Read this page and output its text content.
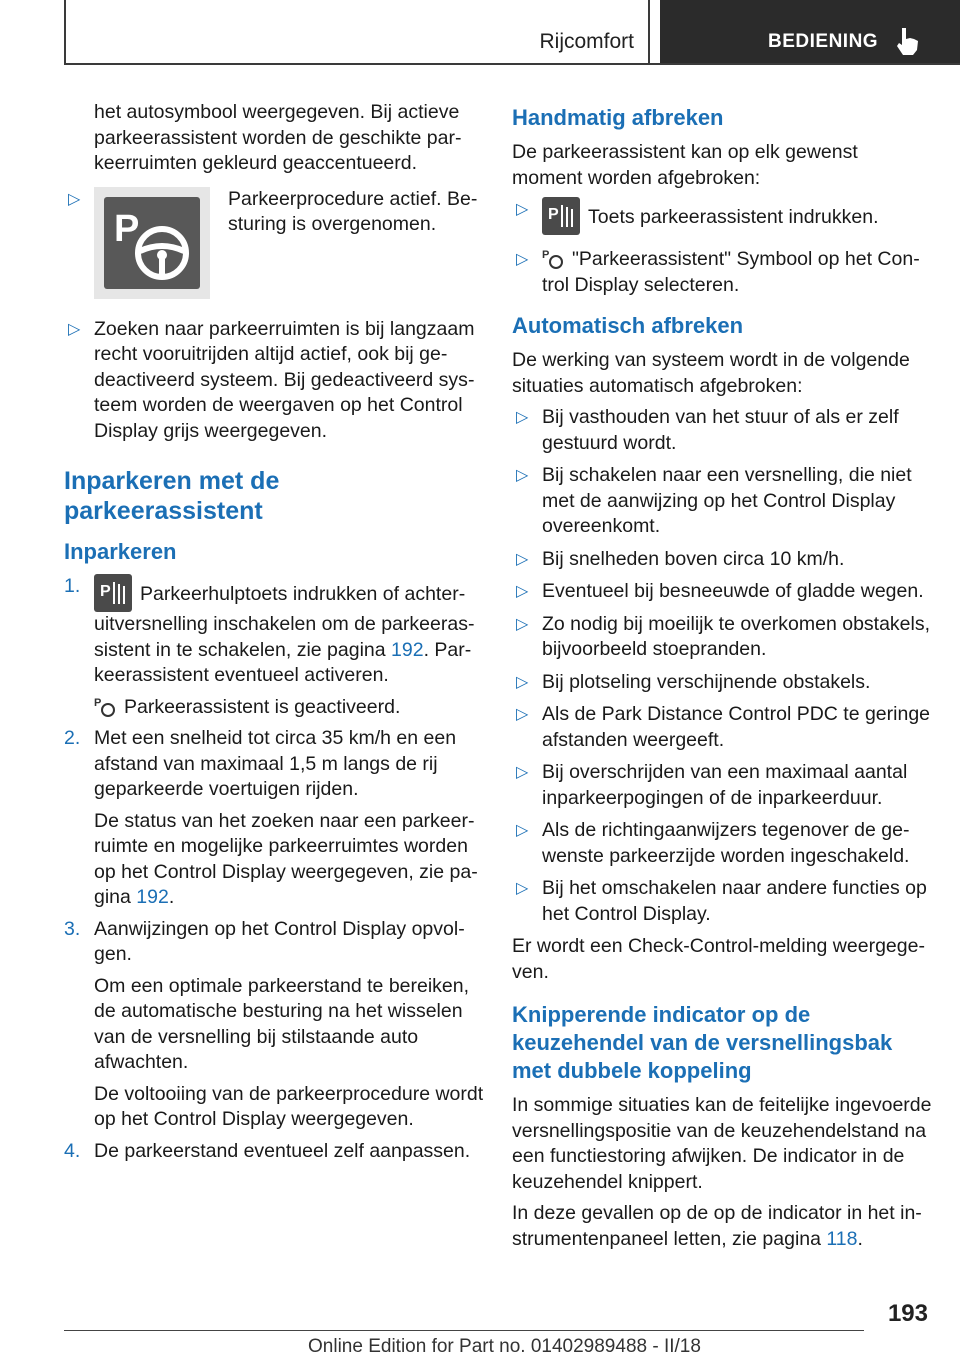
Rijcomfort	BEDIENING

het autosymbool weergegeven. Bij actieve parkeerassistent worden de geschikte parkeerruimten gekleurd geaccentueerd.

▷
P
Parkeerprocedure actief. Besturing is overgenomen.
▷ Zoeken naar parkeerruimten is bij langzaam recht vooruitrijden altijd actief, ook bij gedeactiveerd systeem. Bij gedeactiveerd systeem worden de weergaven op het Control Display grijs weergegeven.
Inparkeren met de parkeerassistent
Inparkeren
1. P Parkeerhulptoets indrukken of achteruitversnelling inschakelen om de parkeerassistent in te schakelen, zie pagina 192. Parkeerassistent eventueel activeren.

P Parkeerassistent is geactiveerd.

2. Met een snelheid tot circa 35 km/h en een afstand van maximaal 1,5 m langs de rij geparkeerde voertuigen rijden.

De status van het zoeken naar een parkeerruimte en mogelijke parkeerruimtes worden op het Control Display weergegeven, zie pagina 192.

3. Aanwijzingen op het Control Display opvolgen.

Om een optimale parkeerstand te bereiken, de automatische besturing na het wisselen van de versnelling bij stilstaande auto afwachten.

De voltooiing van de parkeerprocedure wordt op het Control Display weergegeven.

4. De parkeerstand eventueel zelf aanpassen.

Handmatig afbreken

De parkeerassistent kan op elk gewenst moment worden afgebroken:

▷ P Toets parkeerassistent indrukken.
▷ P "Parkeerassistent" Symbool op het Control Display selecteren.
Automatisch afbreken

De werking van systeem wordt in de volgende situaties automatisch afgebroken:

▷ Bij vasthouden van het stuur of als er zelf gestuurd wordt.
▷ Bij schakelen naar een versnelling, die niet met de aanwijzing op het Control Display overeenkomt.
▷ Bij snelheden boven circa 10 km/h.
▷ Eventueel bij besneeuwde of gladde wegen.
▷ Zo nodig bij moeilijk te overkomen obstakels, bijvoorbeeld stoepranden.
▷ Bij plotseling verschijnende obstakels.
▷ Als de Park Distance Control PDC te geringe afstanden weergeeft.
▷ Bij overschrijden van een maximaal aantal inparkeerpogingen of de inparkeerduur.
▷ Als de richtingaanwijzers tegenover de gewenste parkeerzijde worden ingeschakeld.
▷ Bij het omschakelen naar andere functies op het Control Display.

Er wordt een Check-Control-melding weergegeven.

Knipperende indicator op de keuzehendel van de versnellingsbak met dubbele koppeling

In sommige situaties kan de feitelijke ingevoerde versnellingspositie van de keuzehendelstand na een functiestoring afwijken. De indicator in de keuzehendel knippert.

In deze gevallen op de op de indicator in het instrumentenpaneel letten, zie pagina 118.

193
Online Edition for Part no. 01402989488 - II/18
